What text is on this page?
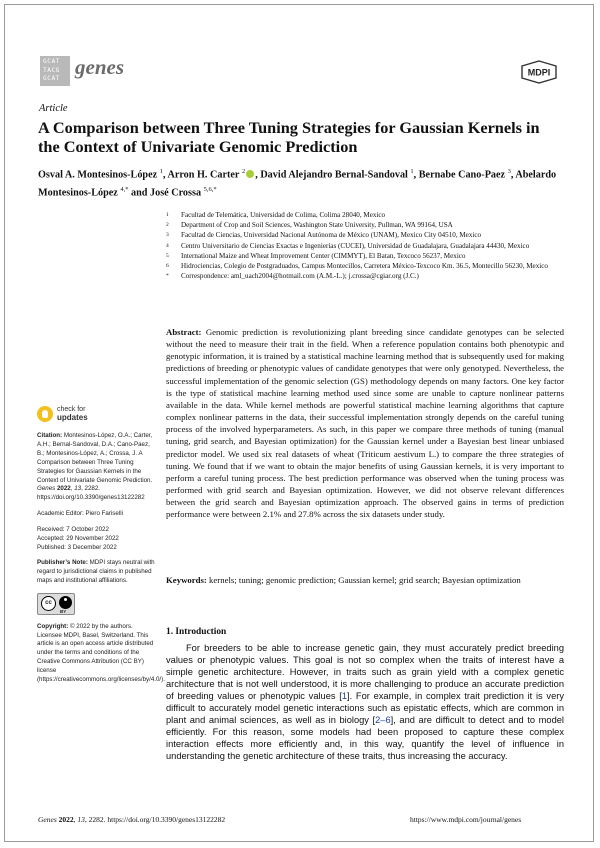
GCAT
TACG
GCAT genes	MDPI
Article
A Comparison between Three Tuning Strategies for Gaussian Kernels in the Context of Univariate Genomic Prediction
Osval A. Montesinos-López $^1$, Arron H. Carter $^2$ , David Alejandro Bernal-Sandoval $^1$, Bernabe Cano-Paez $^3$, Abelardo Montesinos-López $^{4,*}$ and José Crossa $^{5,6,*}$
1	Facultad de Telemática, Universidad de Colima, Colima 28040, Mexico
2	Department of Crop and Soil Sciences, Washington State University, Pullman, WA 99164, USA
3	Facultad de Ciencias, Universidad Nacional Autónoma de México (UNAM), Mexico City 04510, Mexico
4	Centro Universitario de Ciencias Exactas e Ingenierías (CUCEI), Universidad de Guadalajara, Guadalajara 44430, Mexico
5	International Maize and Wheat Improvement Center (CIMMYT), El Batan, Texcoco 56237, Mexico
6	Hidrociencias, Colegio de Postgraduados, Campus Montecillos, Carretera México-Texcoco Km. 36.5, Montecillo 56230, Mexico
*	Correspondence: aml_uach2004@hotmail.com (A.M.-L.); j.crossa@cgiar.org (J.C.)
Abstract: Genomic prediction is revolutionizing plant breeding since candidate genotypes can be selected without the need to measure their trait in the field. When a reference population contains both phenotypic and genotypic information, it is trained by a statistical machine learning method that is subsequently used for making predictions of breeding or phenotypic values of candidate genotypes that were only genotyped. Nevertheless, the successful implementation of the genomic selection (GS) methodology depends on many factors. One key factor is the type of statistical machine learning method used since some are unable to capture nonlinear patterns available in the data. While kernel methods are powerful statistical machine learning algorithms that capture complex nonlinear patterns in the data, their successful implementation strongly depends on the careful tuning process of the involved hyperparameters. As such, in this paper we compare three methods of tuning (manual tuning, grid search, and Bayesian optimization) for the Gaussian kernel under a Bayesian best linear unbiased predictor model. We used six real datasets of wheat (Triticum aestivum L.) to compare the three strategies of tuning. We found that if we want to obtain the major benefits of using Gaussian kernels, it is very important to perform a careful tuning process. The best prediction performance was observed when the tuning process was performed with grid search and Bayesian optimization. However, we did not observe relevant differences between the grid search and Bayesian optimization approach. The observed gains in terms of prediction performance were between 2.1% and 27.8% across the six datasets under study.
Keywords: kernels; tuning; genomic prediction; Gaussian kernel; grid search; Bayesian optimization
check for
updates
Citation: Montesinos-López, O.A.; Carter, A.H.; Bernal-Sandoval, D.A.; Cano-Paez, B.; Montesinos-López, A.; Crossa, J. A Comparison between Three Tuning Strategies for Gaussian Kernels in the Context of Univariate Genomic Prediction. Genes 2022, 13, 2282. https://doi.org/10.3390/genes13122282
Academic Editor: Piero Fariselli
Received: 7 October 2022
Accepted: 29 November 2022
Published: 3 December 2022
Publisher’s Note: MDPI stays neutral with regard to jurisdictional claims in published maps and institutional affiliations.
cc
BY
Copyright: © 2022 by the authors. Licensee MDPI, Basel, Switzerland. This article is an open access article distributed under the terms and conditions of the Creative Commons Attribution (CC BY) license (https://creativecommons.org/licenses/by/4.0/).
1. Introduction

For breeders to be able to increase genetic gain, they must accurately predict breeding values or phenotypic values. This goal is not so complex when the traits of interest have a simple genetic architecture. However, in traits such as grain yield with a complex genetic architecture that is not well understood, it is more challenging to produce an accurate prediction of breeding values or phenotypic values [1]. For example, in complex trait prediction it is very difficult to accurately model genetic interactions such as epistatic effects, which are common in plant and animal sciences, as well as in biology [2–6], and are difficult to detect and to model efficiently. For this reason, some models had been proposed to capture these complex interaction effects more efficiently and, in this way, quantify the level of influence in understanding the genetic architecture of these traits, thus increasing the accuracy.

Genes 2022, 13, 2282. https://doi.org/10.3390/genes13122282	https://www.mdpi.com/journal/genes
